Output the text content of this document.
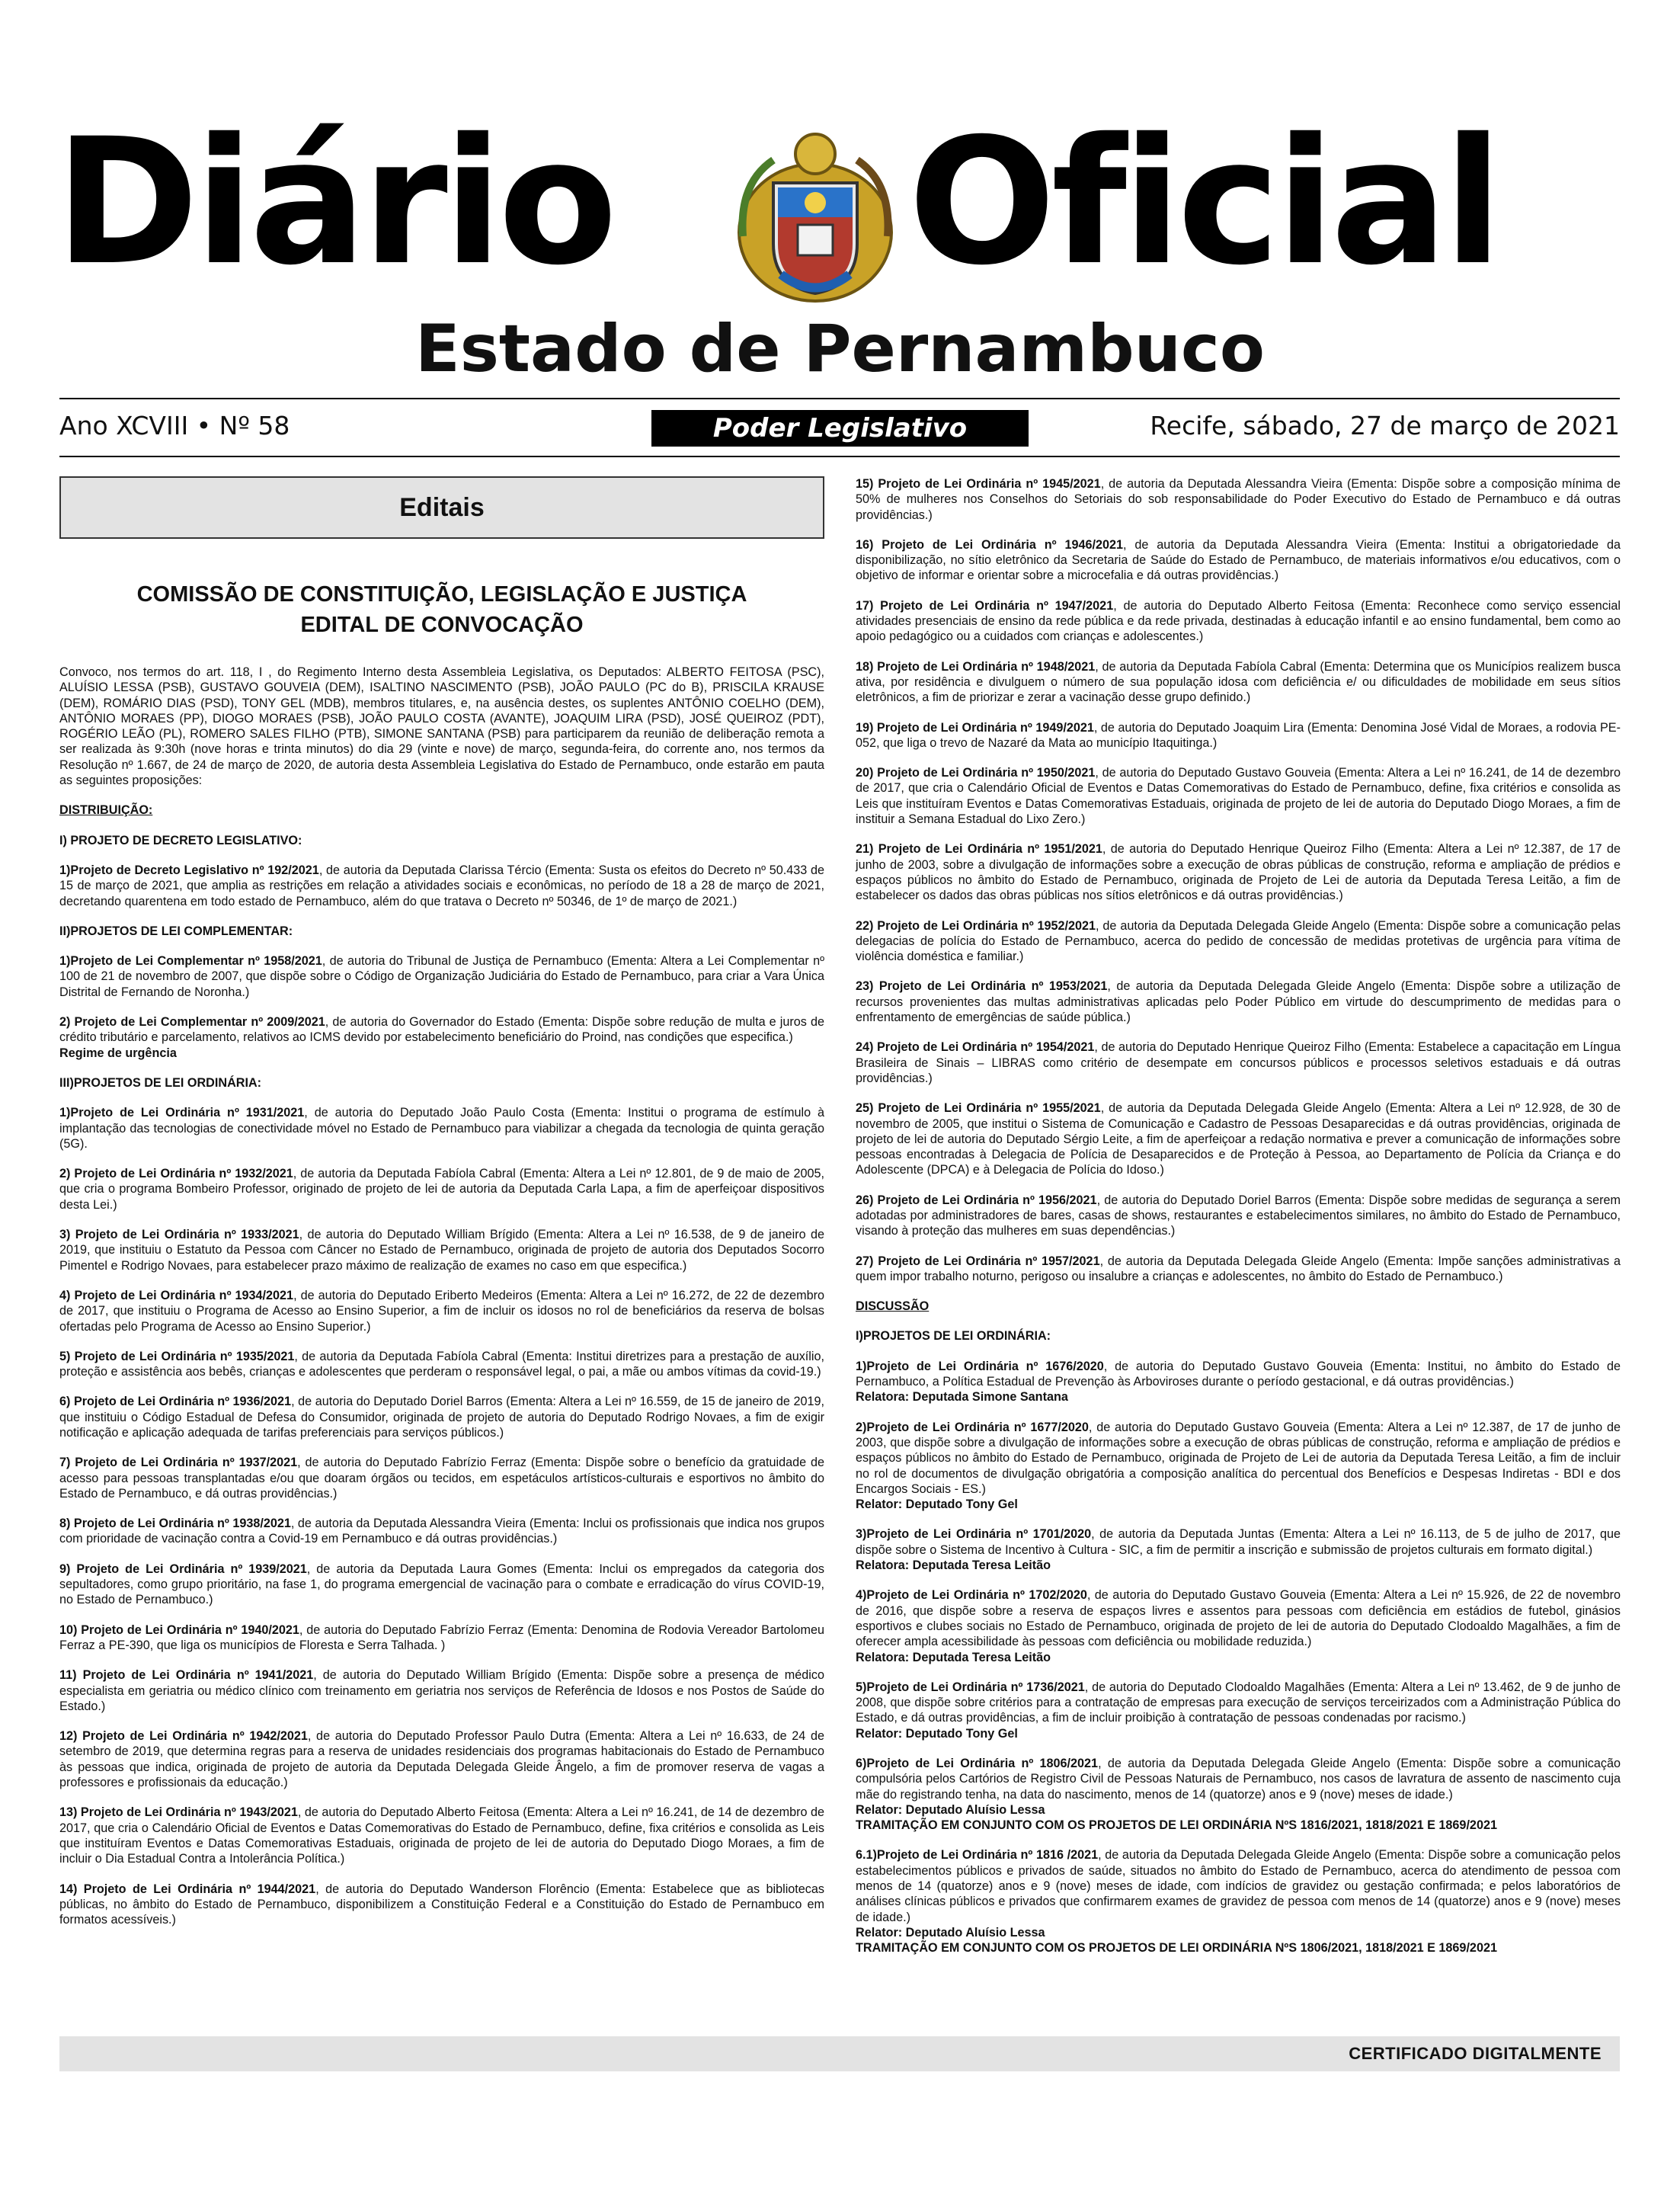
Diário Oficial
Estado de Pernambuco
Ano XCVIII • Nº 58	Poder Legislativo	Recife, sábado, 27 de março de 2021
Editais
COMISSÃO DE CONSTITUIÇÃO, LEGISLAÇÃO E JUSTIÇA
EDITAL DE CONVOCAÇÃO

Convoco, nos termos do art. 118, I , do Regimento Interno desta Assembleia Legislativa, os Deputados: ALBERTO FEITOSA (PSC), ALUÍSIO LESSA (PSB), GUSTAVO GOUVEIA (DEM), ISALTINO NASCIMENTO (PSB), JOÃO PAULO (PC do B), PRISCILA KRAUSE (DEM), ROMÁRIO DIAS (PSD), TONY GEL (MDB), membros titulares, e, na ausência destes, os suplentes ANTÔNIO COELHO (DEM), ANTÔNIO MORAES (PP), DIOGO MORAES (PSB), JOÃO PAULO COSTA (AVANTE), JOAQUIM LIRA (PSD), JOSÉ QUEIROZ (PDT), ROGÉRIO LEÃO (PL), ROMERO SALES FILHO (PTB), SIMONE SANTANA (PSB) para participarem da reunião de deliberação remota a ser realizada às 9:30h (nove horas e trinta minutos) do dia 29 (vinte e nove) de março, segunda-feira, do corrente ano, nos termos da Resolução nº 1.667, de 24 de março de 2020, de autoria desta Assembleia Legislativa do Estado de Pernambuco, onde estarão em pauta as seguintes proposições:

DISTRIBUIÇÃO:

I) PROJETO DE DECRETO LEGISLATIVO:

1)Projeto de Decreto Legislativo nº 192/2021, de autoria da Deputada Clarissa Tércio (Ementa: Susta os efeitos do Decreto nº 50.433 de 15 de março de 2021, que amplia as restrições em relação a atividades sociais e econômicas, no período de 18 a 28 de março de 2021, decretando quarentena em todo estado de Pernambuco, além do que tratava o Decreto nº 50346, de 1º de março de 2021.)

II)PROJETOS DE LEI COMPLEMENTAR:

1)Projeto de Lei Complementar nº 1958/2021, de autoria do Tribunal de Justiça de Pernambuco (Ementa: Altera a Lei Complementar nº 100 de 21 de novembro de 2007, que dispõe sobre o Código de Organização Judiciária do Estado de Pernambuco, para criar a Vara Única Distrital de Fernando de Noronha.)

2) Projeto de Lei Complementar nº 2009/2021, de autoria do Governador do Estado (Ementa: Dispõe sobre redução de multa e juros de crédito tributário e parcelamento, relativos ao ICMS devido por estabelecimento beneficiário do Proind, nas condições que especifica.)

Regime de urgência

III)PROJETOS DE LEI ORDINÁRIA:

1)Projeto de Lei Ordinária nº 1931/2021, de autoria do Deputado João Paulo Costa (Ementa: Institui o programa de estímulo à implantação das tecnologias de conectividade móvel no Estado de Pernambuco para viabilizar a chegada da tecnologia de quinta geração (5G).

2) Projeto de Lei Ordinária nº 1932/2021, de autoria da Deputada Fabíola Cabral (Ementa: Altera a Lei nº 12.801, de 9 de maio de 2005, que cria o programa Bombeiro Professor, originado de projeto de lei de autoria da Deputada Carla Lapa, a fim de aperfeiçoar dispositivos desta Lei.)

3) Projeto de Lei Ordinária nº 1933/2021, de autoria do Deputado William Brígido (Ementa: Altera a Lei nº 16.538, de 9 de janeiro de 2019, que instituiu o Estatuto da Pessoa com Câncer no Estado de Pernambuco, originada de projeto de autoria dos Deputados Socorro Pimentel e Rodrigo Novaes, para estabelecer prazo máximo de realização de exames no caso em que especifica.)

4) Projeto de Lei Ordinária nº 1934/2021, de autoria do Deputado Eriberto Medeiros (Ementa: Altera a Lei nº 16.272, de 22 de dezembro de 2017, que instituiu o Programa de Acesso ao Ensino Superior, a fim de incluir os idosos no rol de beneficiários da reserva de bolsas ofertadas pelo Programa de Acesso ao Ensino Superior.)

5) Projeto de Lei Ordinária nº 1935/2021, de autoria da Deputada Fabíola Cabral (Ementa: Institui diretrizes para a prestação de auxílio, proteção e assistência aos bebês, crianças e adolescentes que perderam o responsável legal, o pai, a mãe ou ambos vítimas da covid-19.)

6) Projeto de Lei Ordinária nº 1936/2021, de autoria do Deputado Doriel Barros (Ementa: Altera a Lei nº 16.559, de 15 de janeiro de 2019, que instituiu o Código Estadual de Defesa do Consumidor, originada de projeto de autoria do Deputado Rodrigo Novaes, a fim de exigir notificação e aplicação adequada de tarifas preferenciais para serviços públicos.)

7) Projeto de Lei Ordinária nº 1937/2021, de autoria do Deputado Fabrízio Ferraz (Ementa: Dispõe sobre o benefício da gratuidade de acesso para pessoas transplantadas e/ou que doaram órgãos ou tecidos, em espetáculos artísticos-culturais e esportivos no âmbito do Estado de Pernambuco, e dá outras providências.)

8) Projeto de Lei Ordinária nº 1938/2021, de autoria da Deputada Alessandra Vieira (Ementa: Inclui os profissionais que indica nos grupos com prioridade de vacinação contra a Covid-19 em Pernambuco e dá outras providências.)

9) Projeto de Lei Ordinária nº 1939/2021, de autoria da Deputada Laura Gomes (Ementa: Inclui os empregados da categoria dos sepultadores, como grupo prioritário, na fase 1, do programa emergencial de vacinação para o combate e erradicação do vírus COVID-19, no Estado de Pernambuco.)

10) Projeto de Lei Ordinária nº 1940/2021, de autoria do Deputado Fabrízio Ferraz (Ementa: Denomina de Rodovia Vereador Bartolomeu Ferraz a PE-390, que liga os municípios de Floresta e Serra Talhada. )

11) Projeto de Lei Ordinária nº 1941/2021, de autoria do Deputado William Brígido (Ementa: Dispõe sobre a presença de médico especialista em geriatria ou médico clínico com treinamento em geriatria nos serviços de Referência de Idosos e nos Postos de Saúde do Estado.)

12) Projeto de Lei Ordinária nº 1942/2021, de autoria do Deputado Professor Paulo Dutra (Ementa: Altera a Lei nº 16.633, de 24 de setembro de 2019, que determina regras para a reserva de unidades residenciais dos programas habitacionais do Estado de Pernambuco às pessoas que indica, originada de projeto de autoria da Deputada Delegada Gleide Ângelo, a fim de promover reserva de vagas a professores e profissionais da educação.)

13) Projeto de Lei Ordinária nº 1943/2021, de autoria do Deputado Alberto Feitosa (Ementa: Altera a Lei nº 16.241, de 14 de dezembro de 2017, que cria o Calendário Oficial de Eventos e Datas Comemorativas do Estado de Pernambuco, define, fixa critérios e consolida as Leis que instituíram Eventos e Datas Comemorativas Estaduais, originada de projeto de lei de autoria do Deputado Diogo Moraes, a fim de incluir o Dia Estadual Contra a Intolerância Política.)

14) Projeto de Lei Ordinária nº 1944/2021, de autoria do Deputado Wanderson Florêncio (Ementa: Estabelece que as bibliotecas públicas, no âmbito do Estado de Pernambuco, disponibilizem a Constituição Federal e a Constituição do Estado de Pernambuco em formatos acessíveis.)

15) Projeto de Lei Ordinária nº 1945/2021, de autoria da Deputada Alessandra Vieira (Ementa: Dispõe sobre a composição mínima de 50% de mulheres nos Conselhos do Setoriais do sob responsabilidade do Poder Executivo do Estado de Pernambuco e dá outras providências.)

16) Projeto de Lei Ordinária nº 1946/2021, de autoria da Deputada Alessandra Vieira (Ementa: Institui a obrigatoriedade da disponibilização, no sítio eletrônico da Secretaria de Saúde do Estado de Pernambuco, de materiais informativos e/ou educativos, com o objetivo de informar e orientar sobre a microcefalia e dá outras providências.)

17) Projeto de Lei Ordinária nº 1947/2021, de autoria do Deputado Alberto Feitosa (Ementa: Reconhece como serviço essencial atividades presenciais de ensino da rede pública e da rede privada, destinadas à educação infantil e ao ensino fundamental, bem como ao apoio pedagógico ou a cuidados com crianças e adolescentes.)

18) Projeto de Lei Ordinária nº 1948/2021, de autoria da Deputada Fabíola Cabral (Ementa: Determina que os Municípios realizem busca ativa, por residência e divulguem o número de sua população idosa com deficiência e/ ou dificuldades de mobilidade em seus sítios eletrônicos, a fim de priorizar e zerar a vacinação desse grupo definido.)

19) Projeto de Lei Ordinária nº 1949/2021, de autoria do Deputado Joaquim Lira (Ementa: Denomina José Vidal de Moraes, a rodovia PE-052, que liga o trevo de Nazaré da Mata ao município Itaquitinga.)

20) Projeto de Lei Ordinária nº 1950/2021, de autoria do Deputado Gustavo Gouveia (Ementa: Altera a Lei nº 16.241, de 14 de dezembro de 2017, que cria o Calendário Oficial de Eventos e Datas Comemorativas do Estado de Pernambuco, define, fixa critérios e consolida as Leis que instituíram Eventos e Datas Comemorativas Estaduais, originada de projeto de lei de autoria do Deputado Diogo Moraes, a fim de instituir a Semana Estadual do Lixo Zero.)

21) Projeto de Lei Ordinária nº 1951/2021, de autoria do Deputado Henrique Queiroz Filho (Ementa: Altera a Lei nº 12.387, de 17 de junho de 2003, sobre a divulgação de informações sobre a execução de obras públicas de construção, reforma e ampliação de prédios e espaços públicos no âmbito do Estado de Pernambuco, originada de Projeto de Lei de autoria da Deputada Teresa Leitão, a fim de estabelecer os dados das obras públicas nos sítios eletrônicos e dá outras providências.)

22) Projeto de Lei Ordinária nº 1952/2021, de autoria da Deputada Delegada Gleide Angelo (Ementa: Dispõe sobre a comunicação pelas delegacias de polícia do Estado de Pernambuco, acerca do pedido de concessão de medidas protetivas de urgência para vítima de violência doméstica e familiar.)

23) Projeto de Lei Ordinária nº 1953/2021, de autoria da Deputada Delegada Gleide Angelo (Ementa: Dispõe sobre a utilização de recursos provenientes das multas administrativas aplicadas pelo Poder Público em virtude do descumprimento de medidas para o enfrentamento de emergências de saúde pública.)

24) Projeto de Lei Ordinária nº 1954/2021, de autoria do Deputado Henrique Queiroz Filho (Ementa: Estabelece a capacitação em Língua Brasileira de Sinais – LIBRAS como critério de desempate em concursos públicos e processos seletivos estaduais e dá outras providências.)

25) Projeto de Lei Ordinária nº 1955/2021, de autoria da Deputada Delegada Gleide Angelo (Ementa: Altera a Lei nº 12.928, de 30 de novembro de 2005, que institui o Sistema de Comunicação e Cadastro de Pessoas Desaparecidas e dá outras providências, originada de projeto de lei de autoria do Deputado Sérgio Leite, a fim de aperfeiçoar a redação normativa e prever a comunicação de informações sobre pessoas encontradas à Delegacia de Polícia de Desaparecidos e de Proteção à Pessoa, ao Departamento de Polícia da Criança e do Adolescente (DPCA) e à Delegacia de Polícia do Idoso.)

26) Projeto de Lei Ordinária nº 1956/2021, de autoria do Deputado Doriel Barros (Ementa: Dispõe sobre medidas de segurança a serem adotadas por administradores de bares, casas de shows, restaurantes e estabelecimentos similares, no âmbito do Estado de Pernambuco, visando à proteção das mulheres em suas dependências.)

27) Projeto de Lei Ordinária nº 1957/2021, de autoria da Deputada Delegada Gleide Angelo (Ementa: Impõe sanções administrativas a quem impor trabalho noturno, perigoso ou insalubre a crianças e adolescentes, no âmbito do Estado de Pernambuco.)

DISCUSSÃO

I)PROJETOS DE LEI ORDINÁRIA:

1)Projeto de Lei Ordinária nº 1676/2020, de autoria do Deputado Gustavo Gouveia (Ementa: Institui, no âmbito do Estado de Pernambuco, a Política Estadual de Prevenção às Arboviroses durante o período gestacional, e dá outras providências.)

Relatora: Deputada Simone Santana

2)Projeto de Lei Ordinária nº 1677/2020, de autoria do Deputado Gustavo Gouveia (Ementa: Altera a Lei nº 12.387, de 17 de junho de 2003, que dispõe sobre a divulgação de informações sobre a execução de obras públicas de construção, reforma e ampliação de prédios e espaços públicos no âmbito do Estado de Pernambuco, originada de Projeto de Lei de autoria da Deputada Teresa Leitão, a fim de incluir no rol de documentos de divulgação obrigatória a composição analítica do percentual dos Benefícios e Despesas Indiretas - BDI e dos Encargos Sociais - ES.)

Relator: Deputado Tony Gel

3)Projeto de Lei Ordinária nº 1701/2020, de autoria da Deputada Juntas (Ementa: Altera a Lei nº 16.113, de 5 de julho de 2017, que dispõe sobre o Sistema de Incentivo à Cultura - SIC, a fim de permitir a inscrição e submissão de projetos culturais em formato digital.)

Relatora: Deputada Teresa Leitão

4)Projeto de Lei Ordinária nº 1702/2020, de autoria do Deputado Gustavo Gouveia (Ementa: Altera a Lei nº 15.926, de 22 de novembro de 2016, que dispõe sobre a reserva de espaços livres e assentos para pessoas com deficiência em estádios de futebol, ginásios esportivos e clubes sociais no Estado de Pernambuco, originada de projeto de lei de autoria do Deputado Clodoaldo Magalhães, a fim de oferecer ampla acessibilidade às pessoas com deficiência ou mobilidade reduzida.)

Relatora: Deputada Teresa Leitão

5)Projeto de Lei Ordinária nº 1736/2021, de autoria do Deputado Clodoaldo Magalhães (Ementa: Altera a Lei nº 13.462, de 9 de junho de 2008, que dispõe sobre critérios para a contratação de empresas para execução de serviços terceirizados com a Administração Pública do Estado, e dá outras providências, a fim de incluir proibição à contratação de pessoas condenadas por racismo.)

Relator: Deputado Tony Gel

6)Projeto de Lei Ordinária nº 1806/2021, de autoria da Deputada Delegada Gleide Angelo (Ementa: Dispõe sobre a comunicação compulsória pelos Cartórios de Registro Civil de Pessoas Naturais de Pernambuco, nos casos de lavratura de assento de nascimento cuja mãe do registrando tenha, na data do nascimento, menos de 14 (quatorze) anos e 9 (nove) meses de idade.)

Relator: Deputado Aluísio Lessa

TRAMITAÇÃO EM CONJUNTO COM OS PROJETOS DE LEI ORDINÁRIA NºS 1816/2021, 1818/2021 E 1869/2021

6.1)Projeto de Lei Ordinária nº 1816 /2021, de autoria da Deputada Delegada Gleide Angelo (Ementa: Dispõe sobre a comunicação pelos estabelecimentos públicos e privados de saúde, situados no âmbito do Estado de Pernambuco, acerca do atendimento de pessoa com menos de 14 (quatorze) anos e 9 (nove) meses de idade, com indícios de gravidez ou gestação confirmada; e pelos laboratórios de análises clínicas públicos e privados que confirmarem exames de gravidez de pessoa com menos de 14 (quatorze) anos e 9 (nove) meses de idade.)

Relator: Deputado Aluísio Lessa

TRAMITAÇÃO EM CONJUNTO COM OS PROJETOS DE LEI ORDINÁRIA NºS 1806/2021, 1818/2021 E 1869/2021

CERTIFICADO DIGITALMENTE
